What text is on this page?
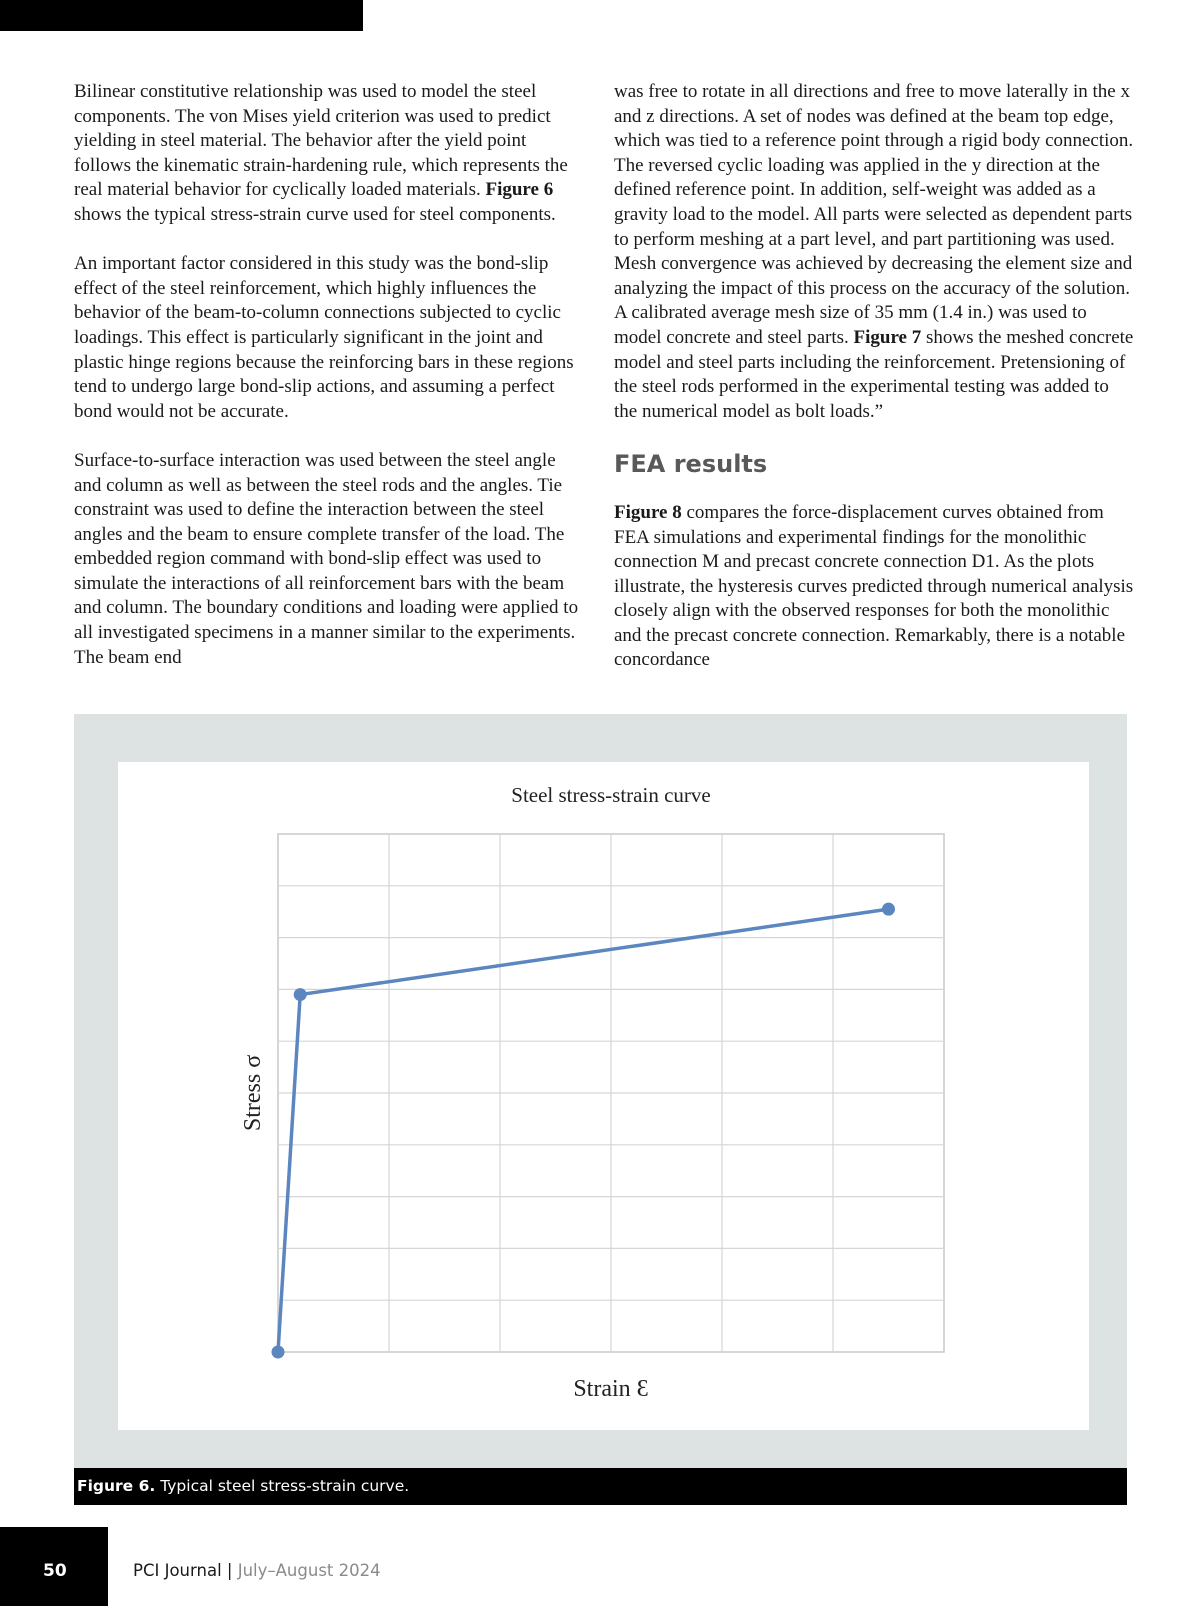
Bilinear constitutive relationship was used to model the steel components. The von Mises yield criterion was used to predict yielding in steel material. The behavior after the yield point follows the kinematic strain-hardening rule, which represents the real material behavior for cyclically loaded materials. Figure 6 shows the typical stress-strain curve used for steel components.

An important factor considered in this study was the bond-slip effect of the steel reinforcement, which highly influences the behavior of the beam-to-column connections subjected to cyclic loadings. This effect is particularly significant in the joint and plastic hinge regions because the reinforcing bars in these regions tend to undergo large bond-slip actions, and assuming a perfect bond would not be accurate.

Surface-to-surface interaction was used between the steel angle and column as well as between the steel rods and the angles. Tie constraint was used to define the interaction between the steel angles and the beam to ensure complete transfer of the load. The embedded region command with bond-slip effect was used to simulate the interactions of all reinforcement bars with the beam and column. The boundary conditions and loading were applied to all investigated specimens in a manner similar to the experiments. The beam end

was free to rotate in all directions and free to move laterally in the x and z directions. A set of nodes was defined at the beam top edge, which was tied to a reference point through a rigid body connection. The reversed cyclic loading was applied in the y direction at the defined reference point. In addition, self-weight was added as a gravity load to the model. All parts were selected as dependent parts to perform meshing at a part level, and part partitioning was used. Mesh convergence was achieved by decreasing the element size and analyzing the impact of this process on the accuracy of the solution. A calibrated average mesh size of 35 mm (1.4 in.) was used to model concrete and steel parts. Figure 7 shows the meshed concrete model and steel parts including the reinforcement. Pretensioning of the steel rods performed in the experimental testing was added to the numerical model as bolt loads.”

FEA results

Figure 8 compares the force-displacement curves obtained from FEA simulations and experimental findings for the monolithic connection M and precast concrete connection D1. As the plots illustrate, the hysteresis curves predicted through numerical analysis closely align with the observed responses for both the monolithic and the precast concrete connection. Remarkably, there is a notable concordance

Steel stress-strain curve
Strain Ɛ
Stress σ
Figure 6. Typical steel stress-strain curve.
50	PCI Journal | July–August 2024
